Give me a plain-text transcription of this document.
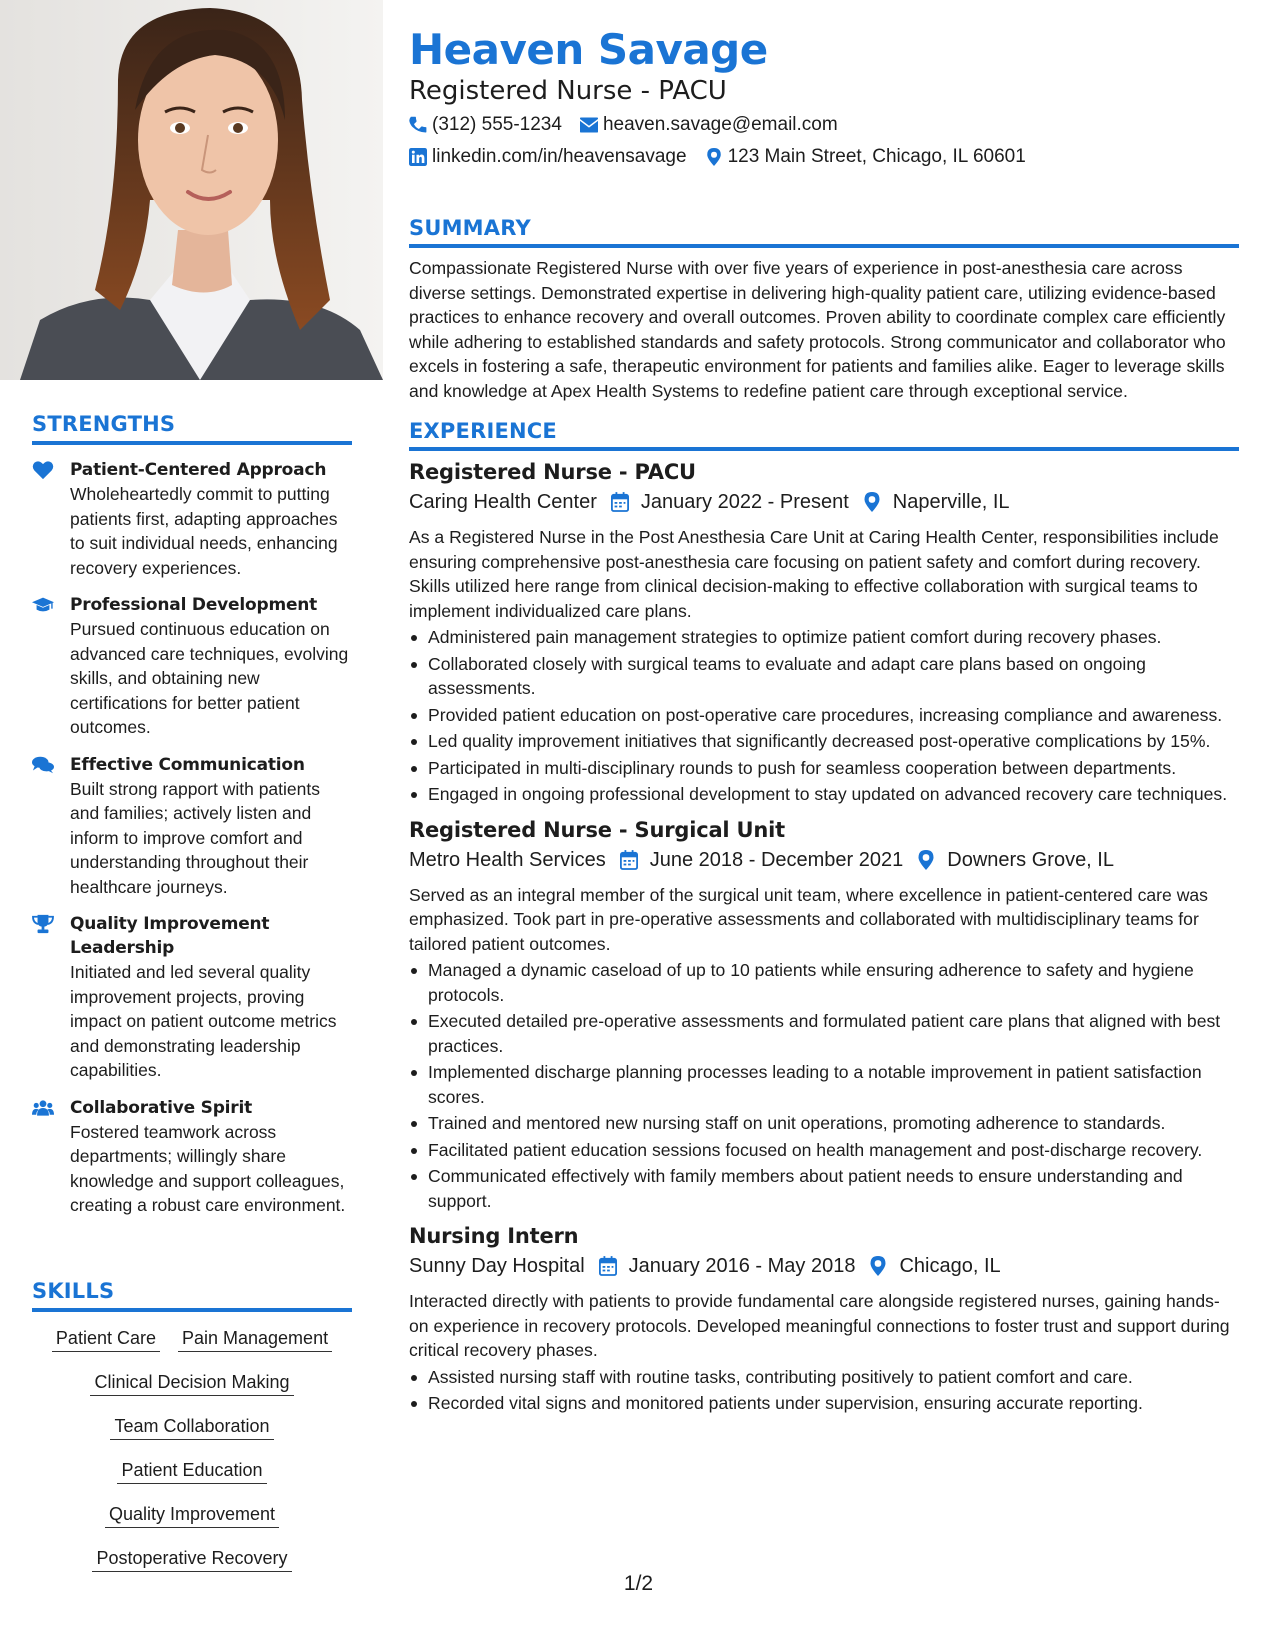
STRENGTHS
Patient-Centered Approach
Wholeheartedly commit to putting patients first, adapting approaches to suit individual needs, enhancing recovery experiences.
Professional Development
Pursued continuous education on advanced care techniques, evolving skills, and obtaining new certifications for better patient outcomes.
Effective Communication
Built strong rapport with patients and families; actively listen and inform to improve comfort and understanding throughout their healthcare journeys.
Quality Improvement Leadership
Initiated and led several quality improvement projects, proving impact on patient outcome metrics and demonstrating leadership capabilities.
Collaborative Spirit
Fostered teamwork across departments; willingly share knowledge and support colleagues, creating a robust care environment.
SKILLS
Patient Care Pain Management
Clinical Decision Making
Team Collaboration
Patient Education
Quality Improvement
Postoperative Recovery
Heaven Savage
Registered Nurse - PACU
(312) 555-1234 heaven.savage@email.com
linkedin.com/in/heavensavage 123 Main Street, Chicago, IL 60601
SUMMARY
Compassionate Registered Nurse with over five years of experience in post-anesthesia care across diverse settings. Demonstrated expertise in delivering high-quality patient care, utilizing evidence-based practices to enhance recovery and overall outcomes. Proven ability to coordinate complex care efficiently while adhering to established standards and safety protocols. Strong communicator and collaborator who excels in fostering a safe, therapeutic environment for patients and families alike. Eager to leverage skills and knowledge at Apex Health Systems to redefine patient care through exceptional service.
EXPERIENCE
Registered Nurse - PACU
Caring Health Center January 2022 - Present Naperville, IL
As a Registered Nurse in the Post Anesthesia Care Unit at Caring Health Center, responsibilities include ensuring comprehensive post-anesthesia care focusing on patient safety and comfort during recovery. Skills utilized here range from clinical decision-making to effective collaboration with surgical teams to implement individualized care plans.
Administered pain management strategies to optimize patient comfort during recovery phases.
Collaborated closely with surgical teams to evaluate and adapt care plans based on ongoing assessments.
Provided patient education on post-operative care procedures, increasing compliance and awareness.
Led quality improvement initiatives that significantly decreased post-operative complications by 15%.
Participated in multi-disciplinary rounds to push for seamless cooperation between departments.
Engaged in ongoing professional development to stay updated on advanced recovery care techniques.
Registered Nurse - Surgical Unit
Metro Health Services June 2018 - December 2021 Downers Grove, IL
Served as an integral member of the surgical unit team, where excellence in patient-centered care was emphasized. Took part in pre-operative assessments and collaborated with multidisciplinary teams for tailored patient outcomes.
Managed a dynamic caseload of up to 10 patients while ensuring adherence to safety and hygiene protocols.
Executed detailed pre-operative assessments and formulated patient care plans that aligned with best practices.
Implemented discharge planning processes leading to a notable improvement in patient satisfaction scores.
Trained and mentored new nursing staff on unit operations, promoting adherence to standards.
Facilitated patient education sessions focused on health management and post-discharge recovery.
Communicated effectively with family members about patient needs to ensure understanding and support.
Nursing Intern
Sunny Day Hospital January 2016 - May 2018 Chicago, IL
Interacted directly with patients to provide fundamental care alongside registered nurses, gaining hands-on experience in recovery protocols. Developed meaningful connections to foster trust and support during critical recovery phases.
Assisted nursing staff with routine tasks, contributing positively to patient comfort and care.
Recorded vital signs and monitored patients under supervision, ensuring accurate reporting.
1/2
